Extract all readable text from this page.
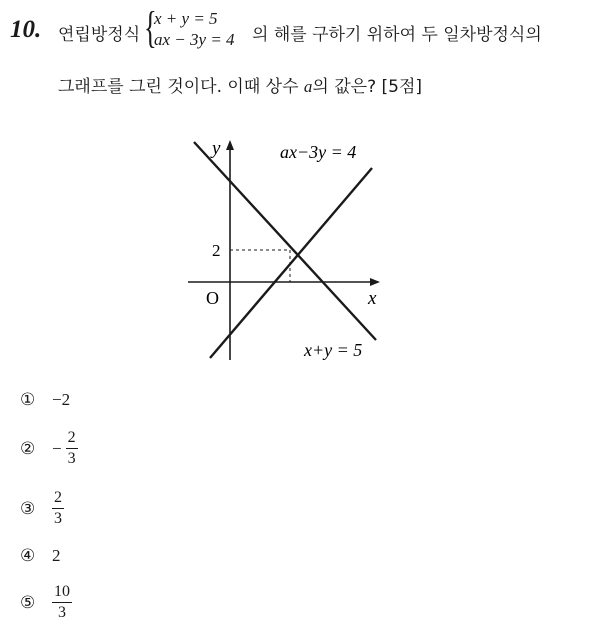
10. 연립방정식 {
x + y = 5
ax − 3y = 4 의 해를 구하기 위하여 두 일차방정식의
그래프를 그린 것이다. 이때 상수 a의 값은? [5점]
y
x
O
2
ax−3y = 4
x+y = 5
① −2
② − $\frac{2}{3}$
③	$\frac{2}{3}$
④ 2
⑤	$\frac{10}{3}$
